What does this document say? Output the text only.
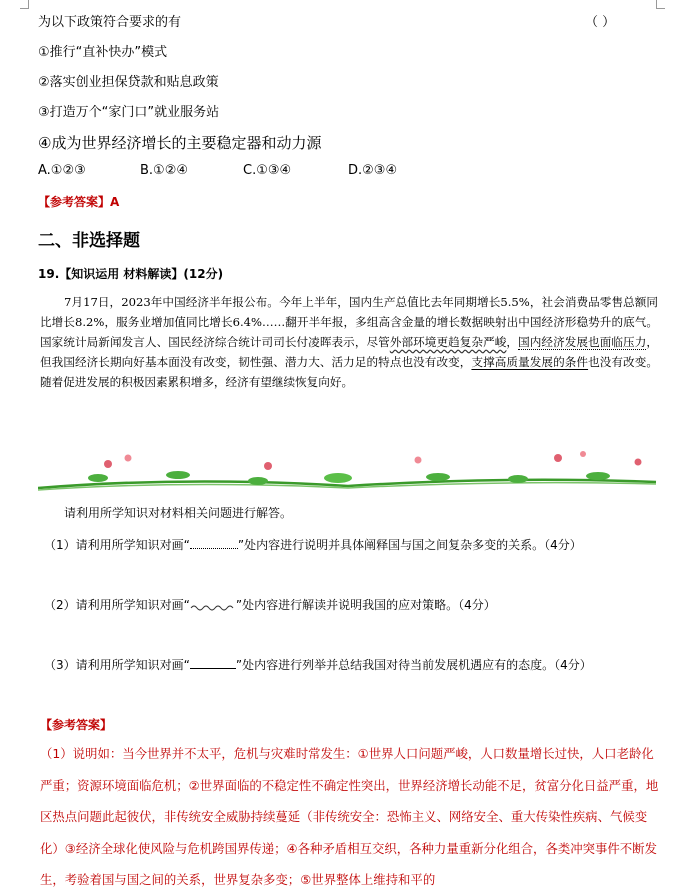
为以下政策符合要求的有	（ ）
①推行“直补快办”模式
②落实创业担保贷款和贴息政策
③打造万个“家门口”就业服务站
④成为世界经济增长的主要稳定器和动力源
A.①②③	B.①②④	C.①③④	D.②③④
【参考答案】A
二、非选择题
19.【知识运用 材料解读】(12分)
7月17日，2023年中国经济半年报公布。今年上半年，国内生产总值比去年同期增长5.5%，社会消费品零售总额同比增长8.2%，服务业增加值同比增长6.4%……翻开半年报，多组高含金量的增长数据映射出中国经济形稳势升的底气。国家统计局新闻发言人、国民经济综合统计司司长付凌晖表示，尽管外部环境更趋复杂严峻，国内经济发展也面临压力，但我国经济长期向好基本面没有改变，韧性强、潜力大、活力足的特点也没有改变，支撑高质量发展的条件也没有改变。随着促进发展的积极因素累积增多，经济有望继续恢复向好。
请利用所学知识对材料相关问题进行解答。
（1）请利用所学知识对画“	”处内容进行说明并具体阐释国与国之间复杂多变的关系。（4分）
（2）请利用所学知识对画“	”处内容进行解读并说明我国的应对策略。（4分）
（3）请利用所学知识对画“	”处内容进行列举并总结我国对待当前发展机遇应有的态度。（4分）
【参考答案】
（1）说明如：当今世界并不太平，危机与灾难时常发生：①世界人口问题严峻，人口数量增长过快，人口老龄化严重；资源环境面临危机；②世界面临的不稳定性不确定性突出，世界经济增长动能不足，贫富分化日益严重，地区热点问题此起彼伏，非传统安全威胁持续蔓延（非传统安全：恐怖主义、网络安全、重大传染性疾病、气候变化）③经济全球化使风险与危机跨国界传递；④各种矛盾相互交织，各种力量重新分化组合，各类冲突事件不断发生，考验着国与国之间的关系，世界复杂多变；⑤世界整体上维持和平的
